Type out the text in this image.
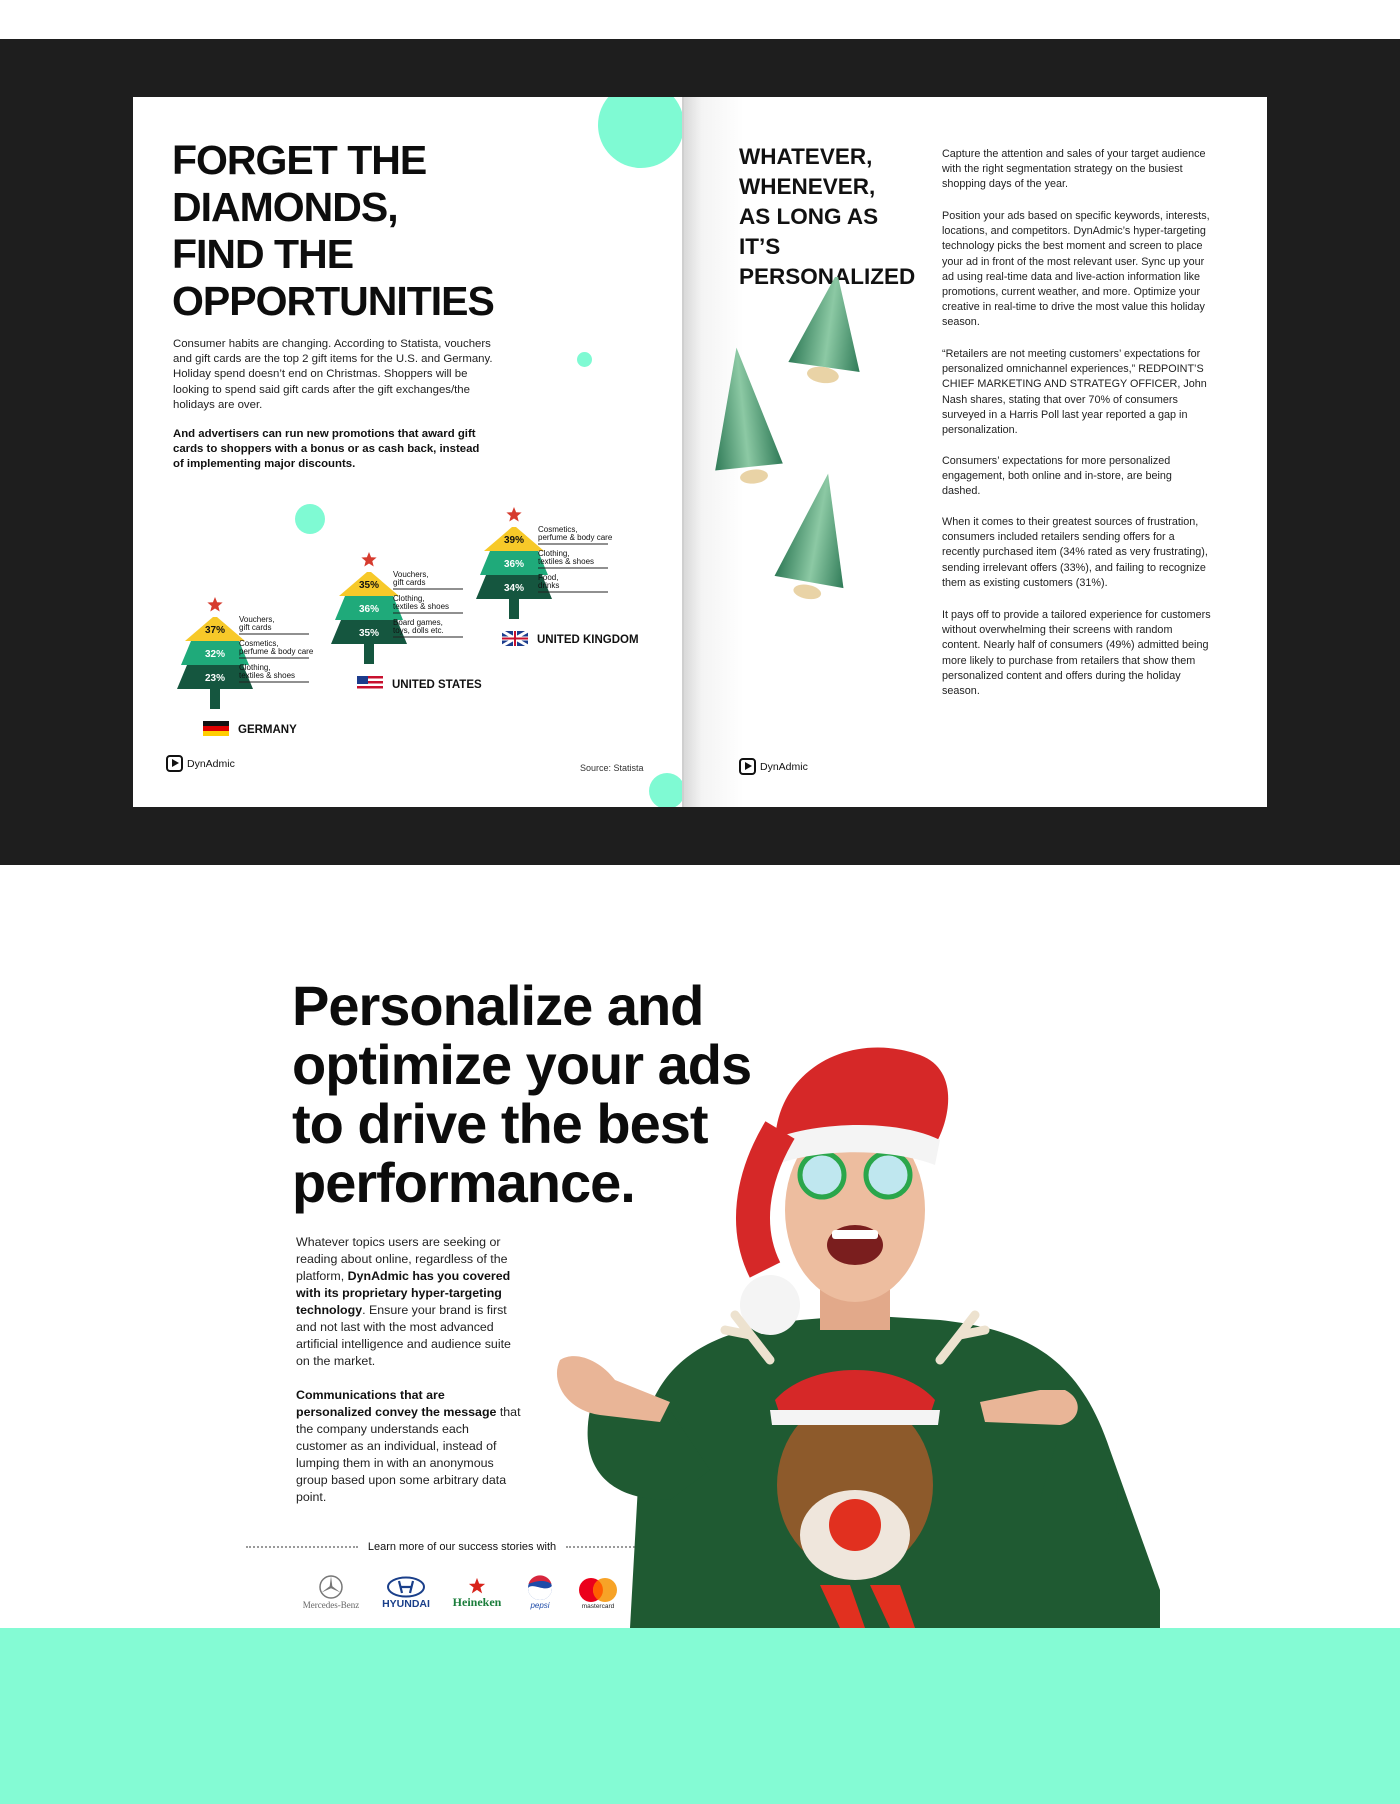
FORGET THE
DIAMONDS,
FIND THE
OPPORTUNITIES

Consumer habits are changing. According to Statista, vouchers and gift cards are the top 2 gift items for the U.S. and Germany. Holiday spend doesn’t end on Christmas. Shoppers will be looking to spend said gift cards after the gift exchanges/the holidays are over.

And advertisers can run new promotions that award gift cards to shoppers with a bonus or as cash back, instead of implementing major discounts.

37%
Vouchers,
gift cards
32%
Cosmetics,
perfume & body care
23%
Clothing,
textiles & shoes
GERMANY
35%
Vouchers,
gift cards
36%
Clothing,
textiles & shoes
35%
Board games,
toys, dolls etc.
UNITED STATES
39%
Cosmetics,
perfume & body care
36%
Clothing,
textiles & shoes
34%
Food,
drinks
UNITED KINGDOM
DynAdmic	Source: Statista
WHATEVER,
WHENEVER,
AS LONG AS IT’S
PERSONALIZED

Capture the attention and sales of your target audience with the right segmentation strategy on the busiest shopping days of the year.

Position your ads based on specific keywords, interests, locations, and competitors. DynAdmic’s hyper-targeting technology picks the best moment and screen to place your ad in front of the most relevant user. Sync up your ad using real-time data and live-action information like promotions, current weather, and more. Optimize your creative in real-time to drive the most value this holiday season.

“Retailers are not meeting customers’ expectations for personalized omnichannel experiences,” REDPOINT’S CHIEF MARKETING AND STRATEGY OFFICER, John Nash shares, stating that over 70% of consumers surveyed in a Harris Poll last year reported a gap in personalization.

Consumers’ expectations for more personalized engagement, both online and in-store, are being dashed.

When it comes to their greatest sources of frustration, consumers included retailers sending offers for a recently purchased item (34% rated as very frustrating), sending irrelevant offers (33%), and failing to recognize them as existing customers (31%).

It pays off to provide a tailored experience for customers without overwhelming their screens with random content. Nearly half of consumers (49%) admitted being more likely to purchase from retailers that show them personalized content and offers during the holiday season.

DynAdmic
Personalize and
optimize your ads
to drive the best
performance.

Whatever topics users are seeking or reading about online, regardless of the platform, DynAdmic has you covered with its proprietary hyper-targeting technology. Ensure your brand is first and not last with the most advanced artificial intelligence and audience suite on the market.

Communications that are personalized convey the message that the company understands each customer as an individual, instead of lumping them in with an anonymous group based upon some arbitrary data point.

Learn more of our success stories with
Mercedes-Benz HYUNDAI Heineken	pepsi	mastercard
